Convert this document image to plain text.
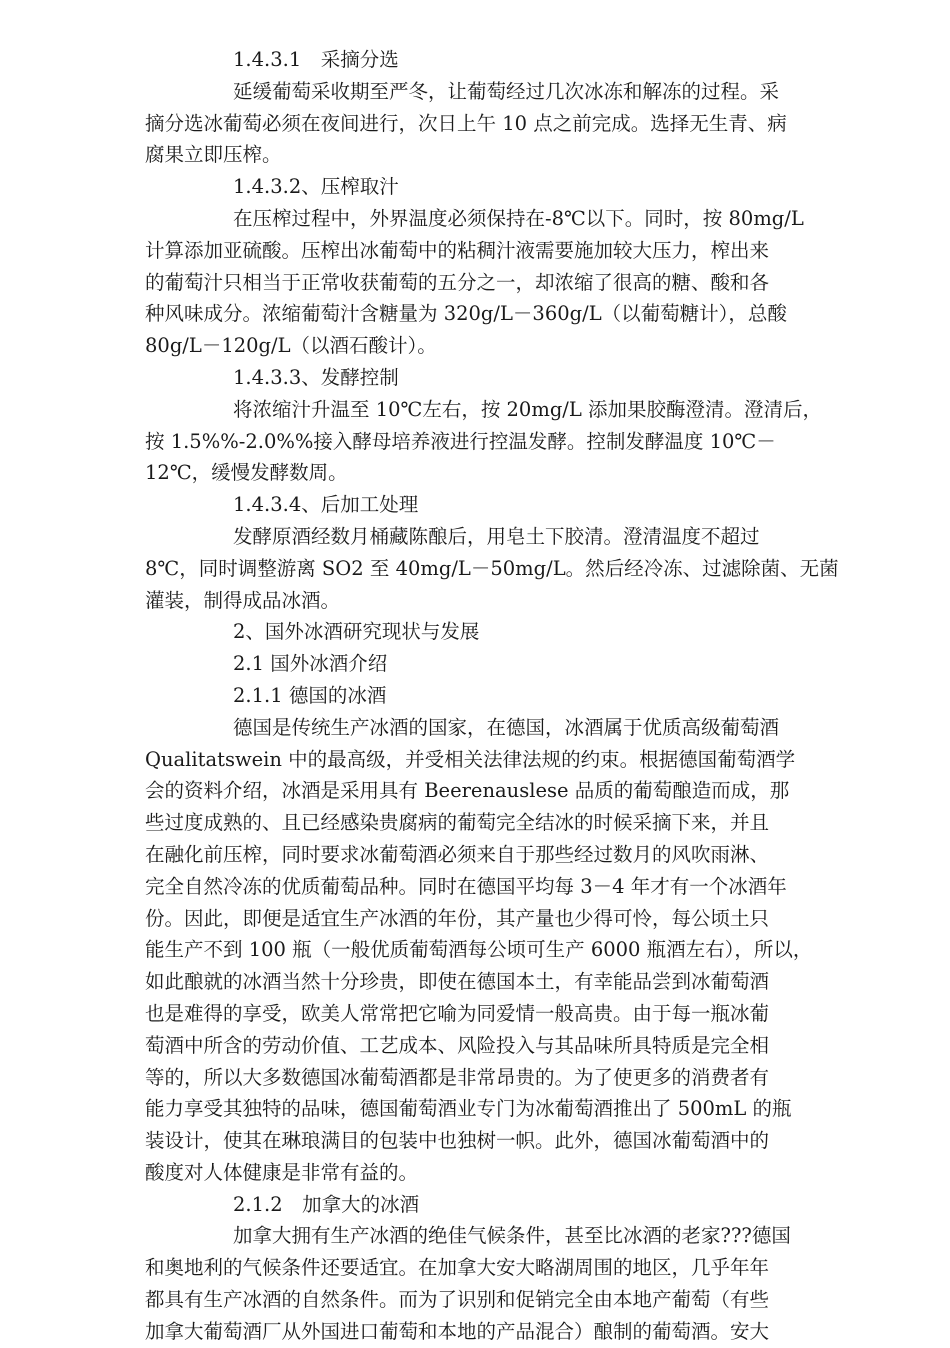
1.4.3.1　采摘分选
延缓葡萄采收期至严冬，让葡萄经过几次冰冻和解冻的过程。采
摘分选冰葡萄必须在夜间进行，次日上午 10 点之前完成。选择无生青、病
腐果立即压榨。
1.4.3.2、压榨取汁
在压榨过程中，外界温度必须保持在-8℃以下。同时，按 80mg/L
计算添加亚硫酸。压榨出冰葡萄中的粘稠汁液需要施加较大压力，榨出来
的葡萄汁只相当于正常收获葡萄的五分之一，却浓缩了很高的糖、酸和各
种风味成分。浓缩葡萄汁含糖量为 320g/L－360g/L（以葡萄糖计），总酸
80g/L－120g/L（以酒石酸计）。
1.4.3.3、发酵控制
将浓缩汁升温至 10℃左右，按 20mg/L 添加果胶酶澄清。澄清后，
按 1.5%%-2.0%%接入酵母培养液进行控温发酵。控制发酵温度 10℃－
12℃，缓慢发酵数周。
1.4.3.4、后加工处理
发酵原酒经数月桶藏陈酿后，用皂土下胶清。澄清温度不超过
8℃，同时调整游离 SO2 至 40mg/L－50mg/L。然后经冷冻、过滤除菌、无菌
灌装，制得成品冰酒。
2、国外冰酒研究现状与发展
2.1 国外冰酒介绍
2.1.1 德国的冰酒
德国是传统生产冰酒的国家，在德国，冰酒属于优质高级葡萄酒
Qualitatswein 中的最高级，并受相关法律法规的约束。根据德国葡萄酒学
会的资料介绍，冰酒是采用具有 Beerenauslese 品质的葡萄酿造而成，那
些过度成熟的、且已经感染贵腐病的葡萄完全结冰的时候采摘下来，并且
在融化前压榨，同时要求冰葡萄酒必须来自于那些经过数月的风吹雨淋、
完全自然冷冻的优质葡萄品种。同时在德国平均每 3－4 年才有一个冰酒年
份。因此，即便是适宜生产冰酒的年份，其产量也少得可怜，每公顷土只
能生产不到 100 瓶（一般优质葡萄酒每公顷可生产 6000 瓶酒左右），所以，
如此酿就的冰酒当然十分珍贵，即使在德国本土，有幸能品尝到冰葡萄酒
也是难得的享受，欧美人常常把它喻为同爱情一般高贵。由于每一瓶冰葡
萄酒中所含的劳动价值、工艺成本、风险投入与其品味所具特质是完全相
等的，所以大多数德国冰葡萄酒都是非常昂贵的。为了使更多的消费者有
能力享受其独特的品味，德国葡萄酒业专门为冰葡萄酒推出了 500mL 的瓶
装设计，使其在琳琅满目的包装中也独树一帜。此外，德国冰葡萄酒中的
酸度对人体健康是非常有益的。
2.1.2　加拿大的冰酒
加拿大拥有生产冰酒的绝佳气候条件，甚至比冰酒的老家???德国
和奥地利的气候条件还要适宜。在加拿大安大略湖周围的地区，几乎年年
都具有生产冰酒的自然条件。而为了识别和促销完全由本地产葡萄（有些
加拿大葡萄酒厂从外国进口葡萄和本地的产品混合）酿制的葡萄酒。安大
